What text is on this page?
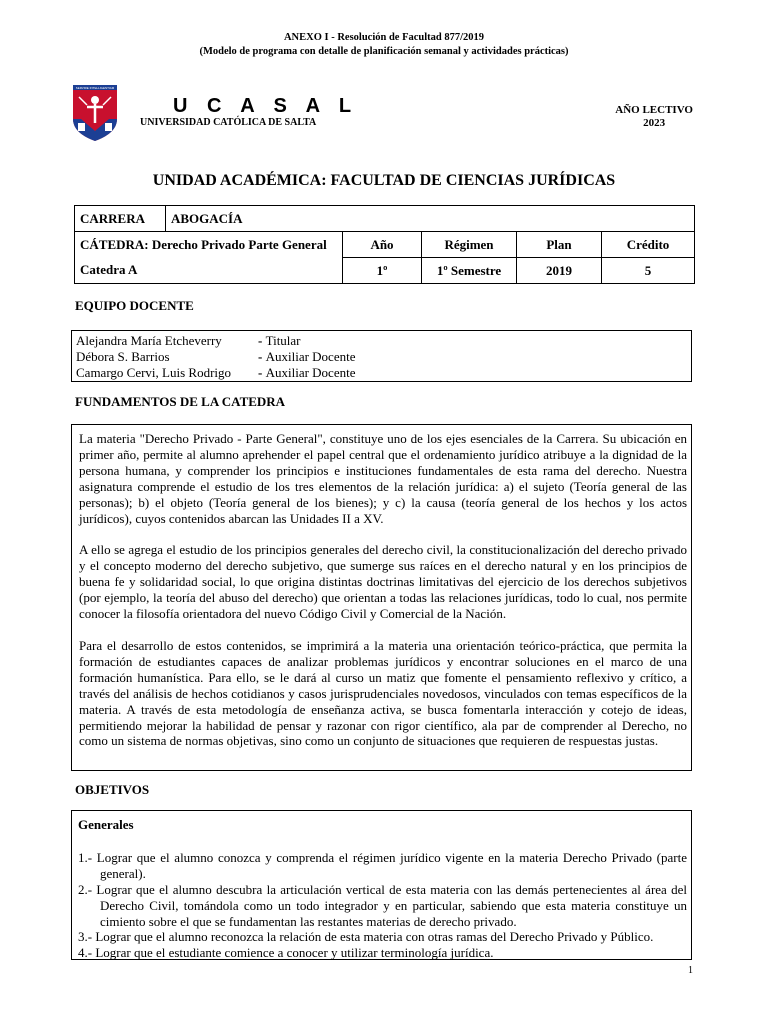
ANEXO I - Resolución de Facultad 877/2019
(Modelo de programa con detalle de planificación semanal y actividades prácticas)
SERVIRE INTELLIGENTIAM
U C A S A L
UNIVERSIDAD CATÓLICA DE SALTA
AÑO LECTIVO
2023
UNIDAD ACADÉMICA: FACULTAD DE CIENCIAS JURÍDICAS
CARRERA	ABOGACÍA				
CÁTEDRA: Derecho Privado Parte General		Año	Régimen	Plan	Crédito
Catedra A		1º	1º Semestre	2019	5
EQUIPO DOCENTE
Alejandra María Etcheverry	- Titular
Débora S. Barrios	- Auxiliar Docente
Camargo Cervi, Luis Rodrigo	- Auxiliar Docente
FUNDAMENTOS DE LA CATEDRA

La materia "Derecho Privado - Parte General", constituye uno de los ejes esenciales de la Carrera. Su ubicación en primer año, permite al alumno aprehender el papel central que el ordenamiento jurídico atribuye a la dignidad de la persona humana, y comprender los principios e instituciones fundamentales de esta rama del derecho. Nuestra asignatura comprende el estudio de los tres elementos de la relación jurídica: a) el sujeto (Teoría general de las personas); b) el objeto (Teoría general de los bienes); y c) la causa (teoría general de los hechos y los actos jurídicos), cuyos contenidos abarcan las Unidades II a XV.

A ello se agrega el estudio de los principios generales del derecho civil, la constitucionalización del derecho privado y el concepto moderno del derecho subjetivo, que sumerge sus raíces en el derecho natural y en los principios de buena fe y solidaridad social, lo que origina distintas doctrinas limitativas del ejercicio de los derechos subjetivos (por ejemplo, la teoría del abuso del derecho) que orientan a todas las relaciones jurídicas, todo lo cual, nos permite conocer la filosofía orientadora del nuevo Código Civil y Comercial de la Nación.

Para el desarrollo de estos contenidos, se imprimirá a la materia una orientación teórico-práctica, que permita la formación de estudiantes capaces de analizar problemas jurídicos y encontrar soluciones en el marco de una formación humanística. Para ello, se le dará al curso un matiz que fomente el pensamiento reflexivo y crítico, a través del análisis de hechos cotidianos y casos jurisprudenciales novedosos, vinculados con temas específicos de la materia. A través de esta metodología de enseñanza activa, se busca fomentarla interacción y cotejo de ideas, permitiendo mejorar la habilidad de pensar y razonar con rigor científico, ala par de comprender al Derecho, no como un sistema de normas objetivas, sino como un conjunto de situaciones que requieren de respuestas justas.

OBJETIVOS
Generales
1.- Lograr que el alumno conozca y comprenda el régimen jurídico vigente en la materia Derecho Privado (parte general).
2.- Lograr que el alumno descubra la articulación vertical de esta materia con las demás pertenecientes al área del Derecho Civil, tomándola como un todo integrador y en particular, sabiendo que esta materia constituye un cimiento sobre el que se fundamentan las restantes materias de derecho privado.
3.- Lograr que el alumno reconozca la relación de esta materia con otras ramas del Derecho Privado y Público.
4.- Lograr que el estudiante comience a conocer y utilizar terminología jurídica.
1
